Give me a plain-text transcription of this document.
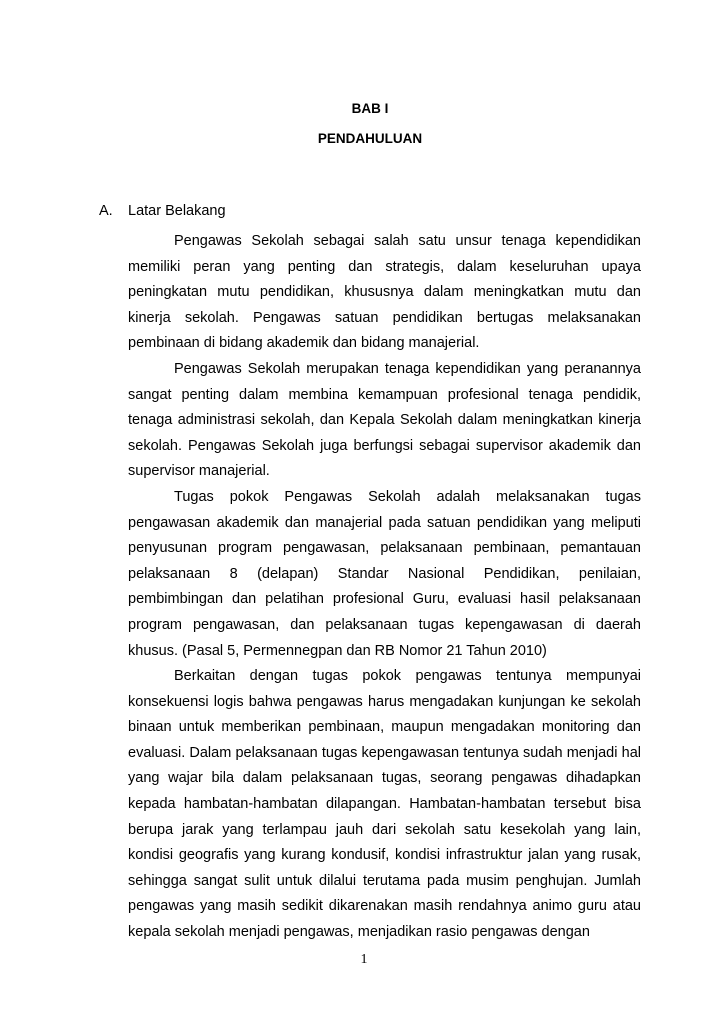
BAB I
PENDAHULUAN
A. Latar Belakang

Pengawas Sekolah sebagai salah satu unsur tenaga kependidikan memiliki peran yang penting dan strategis, dalam keseluruhan upaya peningkatan mutu pendidikan, khususnya dalam meningkatkan mutu dan kinerja sekolah. Pengawas satuan pendidikan bertugas melaksanakan pembinaan di bidang akademik dan bidang manajerial.

Pengawas Sekolah merupakan tenaga kependidikan yang peranannya sangat penting dalam membina kemampuan profesional tenaga pendidik, tenaga administrasi sekolah, dan Kepala Sekolah dalam meningkatkan kinerja sekolah. Pengawas Sekolah juga berfungsi sebagai supervisor akademik dan supervisor manajerial.

Tugas pokok Pengawas Sekolah adalah melaksanakan tugas pengawasan akademik dan manajerial pada satuan pendidikan yang meliputi penyusunan program pengawasan, pelaksanaan pembinaan, pemantauan pelaksanaan 8 (delapan) Standar Nasional Pendidikan, penilaian, pembimbingan dan pelatihan profesional Guru, evaluasi hasil pelaksanaan program pengawasan, dan pelaksanaan tugas kepengawasan di daerah khusus. (Pasal 5, Permennegpan dan RB Nomor 21 Tahun 2010)

Berkaitan dengan tugas pokok pengawas tentunya mempunyai konsekuensi logis bahwa pengawas harus mengadakan kunjungan ke sekolah binaan untuk memberikan pembinaan, maupun mengadakan monitoring dan evaluasi. Dalam pelaksanaan tugas kepengawasan tentunya sudah menjadi hal yang wajar bila dalam pelaksanaan tugas, seorang pengawas dihadapkan kepada hambatan-hambatan dilapangan. Hambatan-hambatan tersebut bisa berupa jarak yang terlampau jauh dari sekolah satu kesekolah yang lain, kondisi geografis yang kurang kondusif, kondisi infrastruktur jalan yang rusak, sehingga sangat sulit untuk dilalui terutama pada musim penghujan. Jumlah pengawas yang masih sedikit dikarenakan masih rendahnya animo guru atau kepala sekolah menjadi pengawas, menjadikan rasio pengawas dengan

1
